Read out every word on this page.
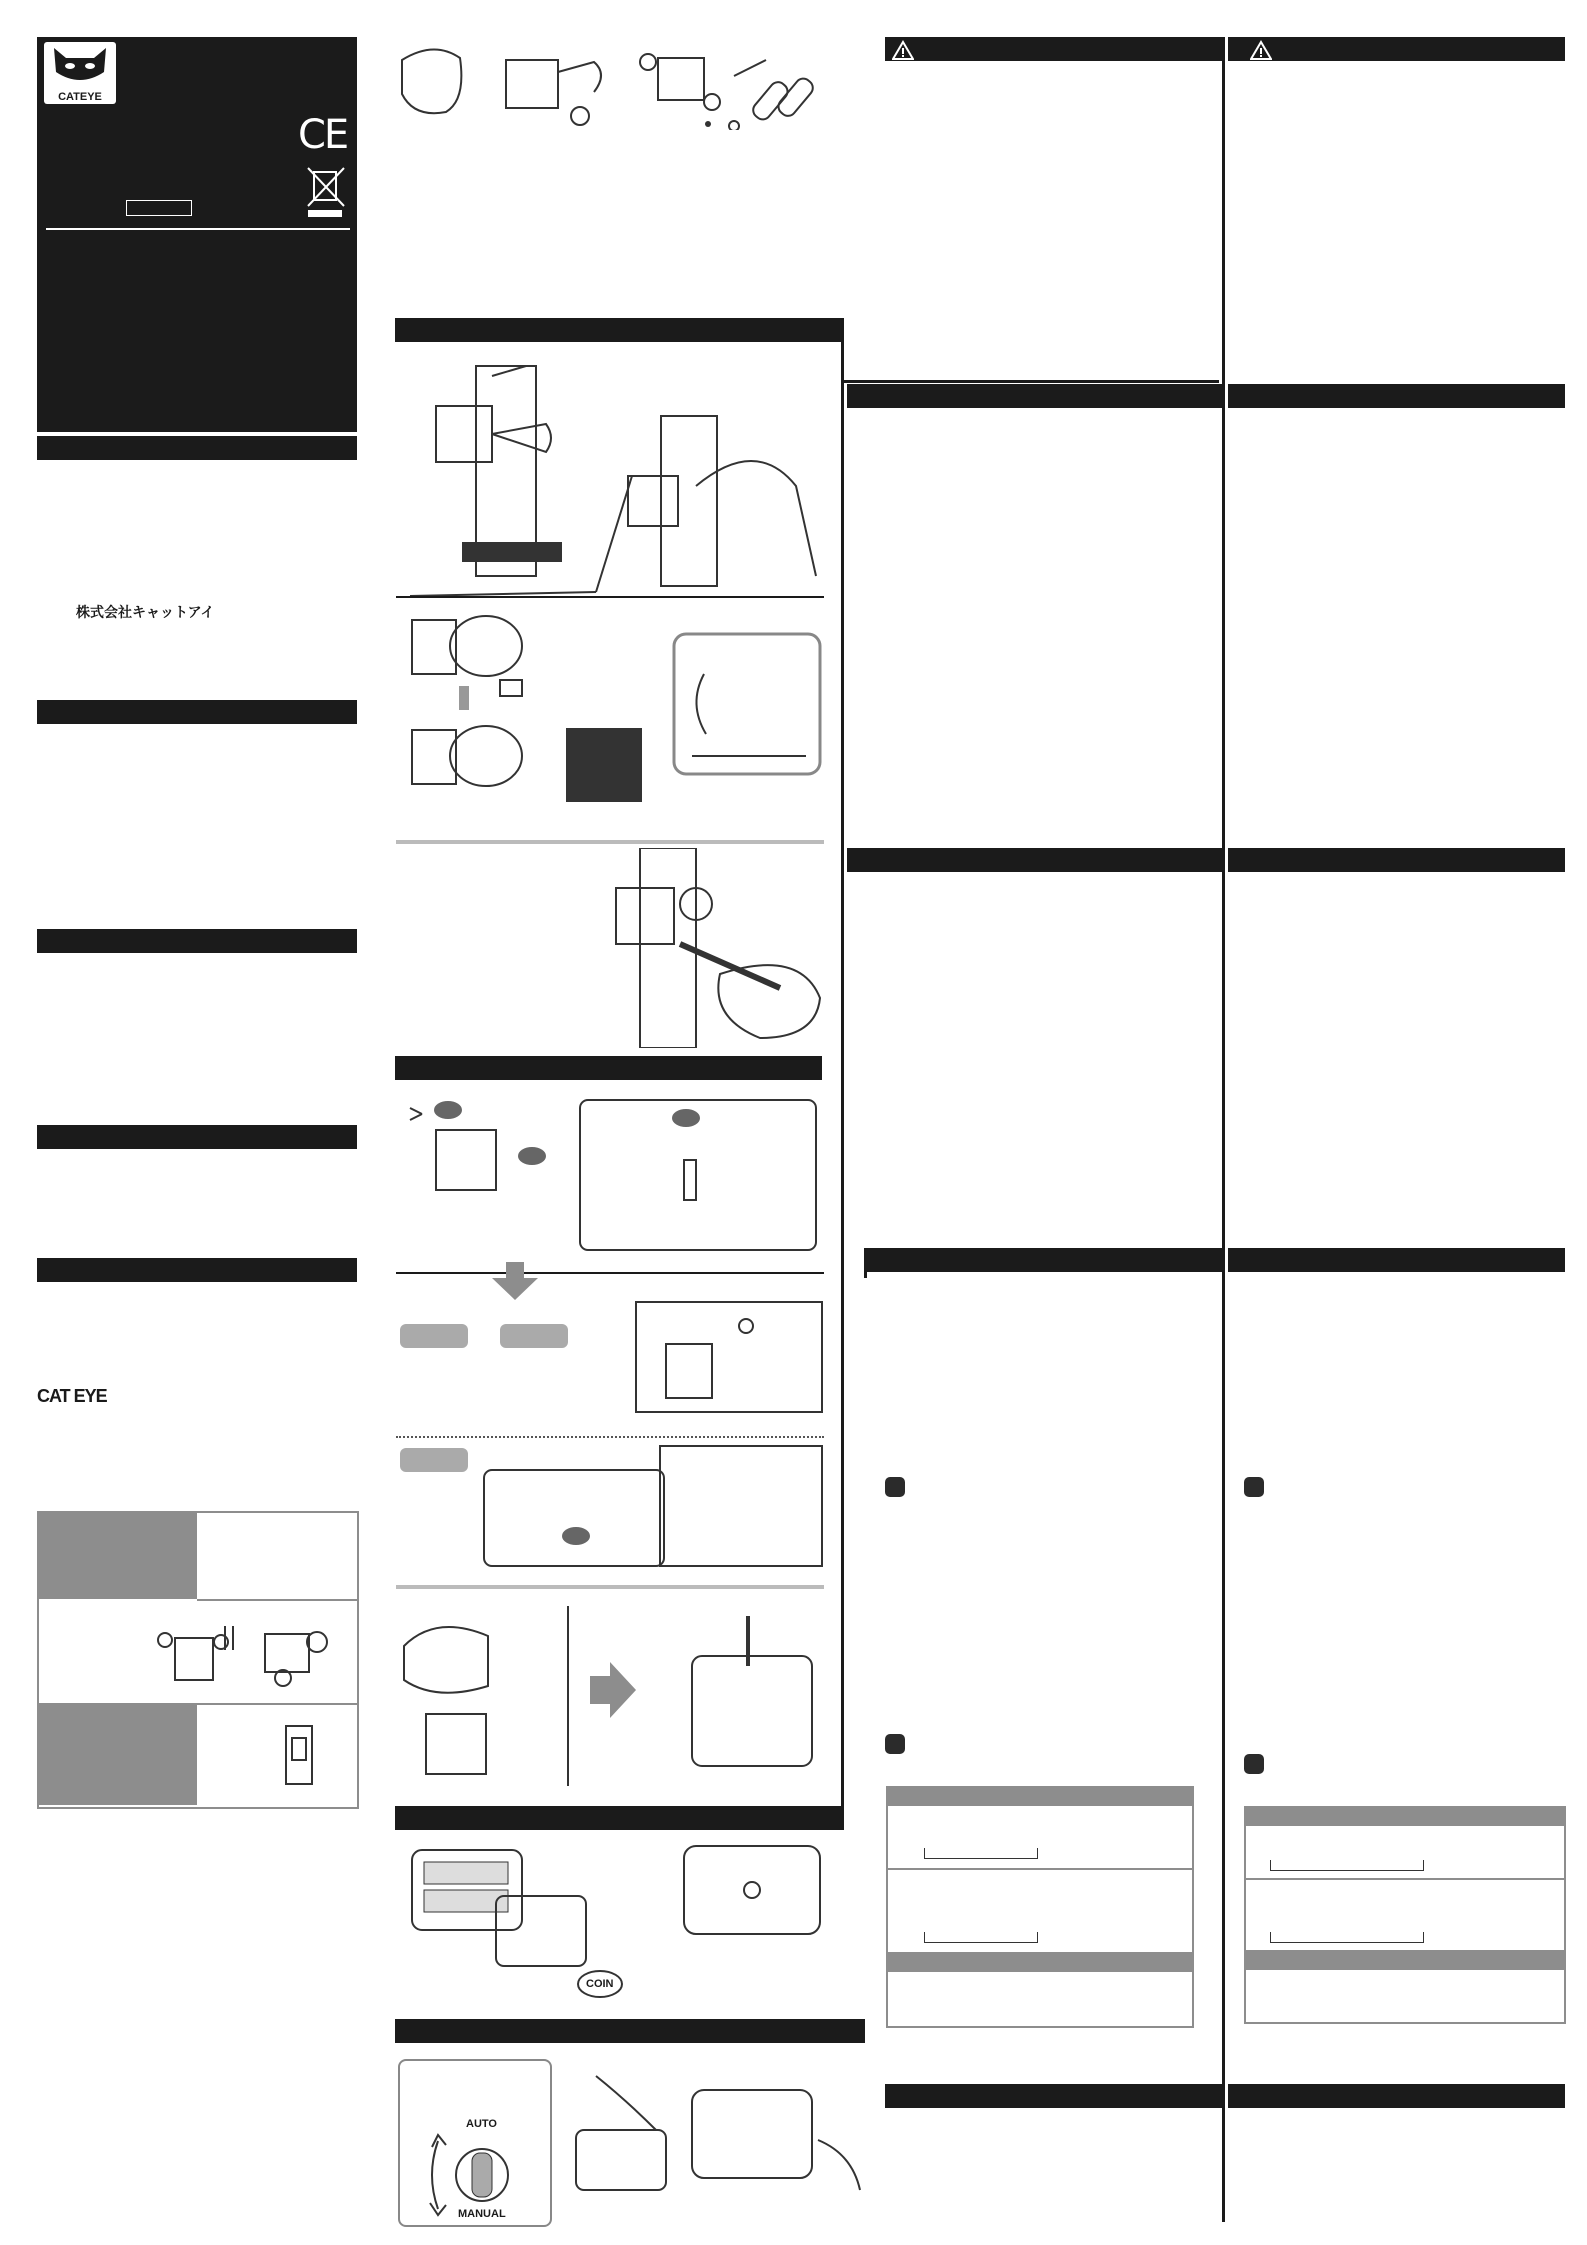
CATEYE
CE
株式会社キャットアイ
CAT EYE
COIN
AUTO
MANUAL
